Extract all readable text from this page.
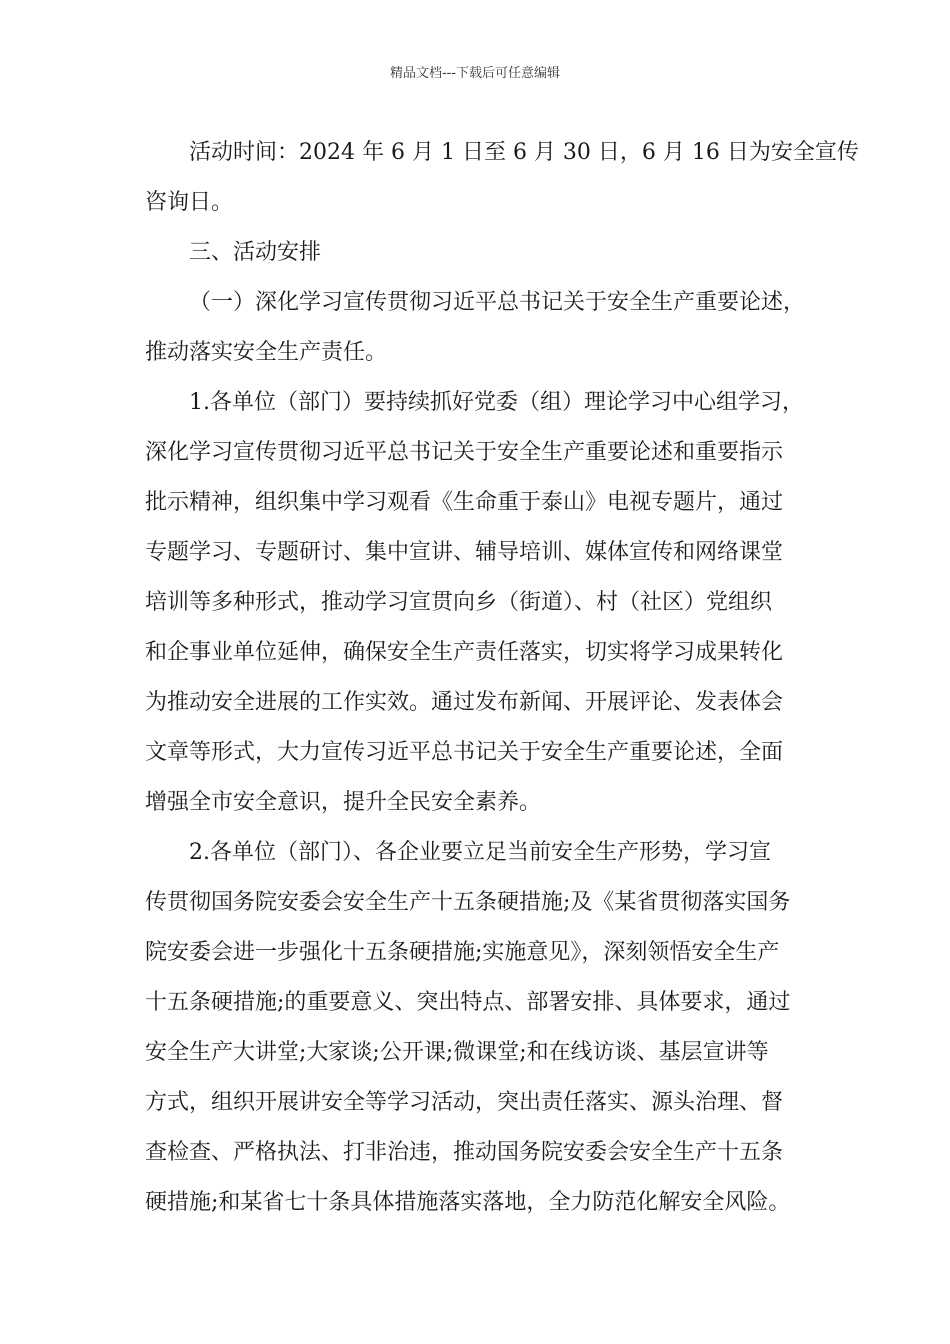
精品文档---下载后可任意编辑
活动时间：2024 年 6 月 1 日至 6 月 30 日，6 月 16 日为安全宣传
咨询日。
三、活动安排
（一）深化学习宣传贯彻习近平总书记关于安全生产重要论述，
推动落实安全生产责任。
1.各单位（部门）要持续抓好党委（组）理论学习中心组学习，
深化学习宣传贯彻习近平总书记关于安全生产重要论述和重要指示
批示精神，组织集中学习观看《生命重于泰山》电视专题片，通过
专题学习、专题研讨、集中宣讲、辅导培训、媒体宣传和网络课堂
培训等多种形式，推动学习宣贯向乡（街道）、村（社区）党组织
和企事业单位延伸，确保安全生产责任落实，切实将学习成果转化
为推动安全进展的工作实效。通过发布新闻、开展评论、发表体会
文章等形式，大力宣传习近平总书记关于安全生产重要论述，全面
增强全市安全意识，提升全民安全素养。
2.各单位（部门）、各企业要立足当前安全生产形势，学习宣
传贯彻国务院安委会安全生产十五条硬措施;及《某省贯彻落实国务
院安委会进一步强化十五条硬措施;实施意见》，深刻领悟安全生产
十五条硬措施;的重要意义、突出特点、部署安排、具体要求，通过
安全生产大讲堂;大家谈;公开课;微课堂;和在线访谈、基层宣讲等
方式，组织开展讲安全等学习活动，突出责任落实、源头治理、督
查检查、严格执法、打非治违，推动国务院安委会安全生产十五条
硬措施;和某省七十条具体措施落实落地，全力防范化解安全风险。
